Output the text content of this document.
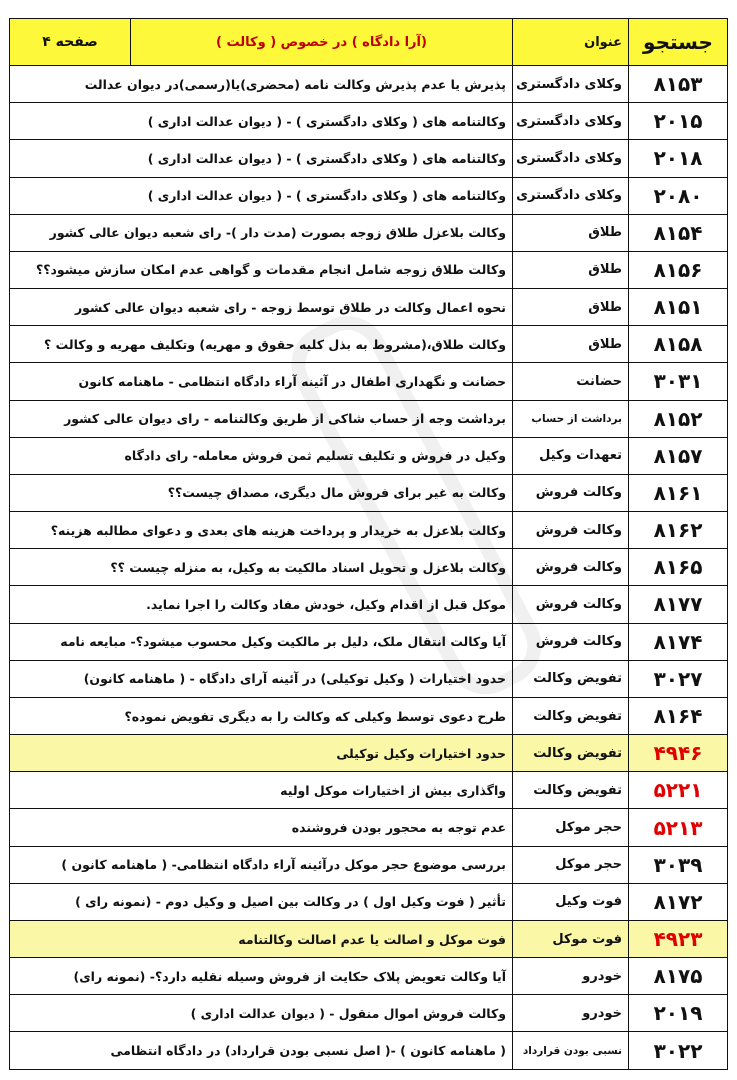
جستجو	عنوان	(آرا دادگاه ) در خصوص ( وکالت )	صفحه ۴
۸۱۵۳	وکلای دادگستری	پذیرش یا عدم پذیرش وکالت نامه (محضری)یا(رسمی)در دیوان عدالت	
۲۰۱۵	وکلای دادگستری	وکالتنامه های ( وکلای دادگستری ) - ( دیوان عدالت اداری )	
۲۰۱۸	وکلای دادگستری	وکالتنامه های ( وکلای دادگستری ) - ( دیوان عدالت اداری )	
۲۰۸۰	وکلای دادگستری	وکالتنامه های ( وکلای دادگستری ) - ( دیوان عدالت اداری )	
۸۱۵۴	طلاق	وکالت بلاعزل طلاق زوجه بصورت (مدت دار )- رای شعبه دیوان عالی کشور	
۸۱۵۶	طلاق	وکالت طلاق زوجه شامل انجام مقدمات و گواهی عدم امکان سازش میشود؟؟	
۸۱۵۱	طلاق	نحوه اعمال وکالت در طلاق توسط زوجه - رای شعبه دیوان عالی کشور	
۸۱۵۸	طلاق	وکالت طلاق،(مشروط به بذل کلیه حقوق و مهریه) وتکلیف مهریه و وکالت ؟	
۳۰۳۱	حضانت	حضانت و نگهداری اطفال در آئینه آراء دادگاه انتظامی - ماهنامه کانون	
۸۱۵۲	برداشت از حساب	برداشت وجه از حساب شاکی از طریق وکالتنامه - رای دیوان عالی کشور	
۸۱۵۷	تعهدات وکیل	وکیل در فروش و تکلیف تسلیم ثمن فروش معامله- رای دادگاه	
۸۱۶۱	وکالت فروش	وکالت به غیر برای فروش مال دیگری، مصداق چیست؟؟	
۸۱۶۲	وکالت فروش	وکالت بلاعزل به خریدار و پرداخت هزینه های بعدی و دعوای مطالبه هزینه؟	
۸۱۶۵	وکالت فروش	وکالت بلاعزل و تحویل اسناد مالکیت به وکیل، به منزله چیست ؟؟	
۸۱۷۷	وکالت فروش	موکل قبل از اقدام وکیل، خودش مفاد وکالت را اجرا نماید.	
۸۱۷۴	وکالت فروش	آیا وکالت انتقال ملک، دلیل بر مالکیت وکیل محسوب میشود؟- مبایعه نامه	
۳۰۲۷	تفویض وکالت	حدود اختیارات ( وکیل توکیلی) در آئینه آرای دادگاه - ( ماهنامه کانون)	
۸۱۶۴	تفویض وکالت	طرح دعوی توسط وکیلی که وکالت را به دیگری تفویض نموده؟	
۴۹۴۶	تفویض وکالت	حدود اختیارات وکیل توکیلی	
۵۲۲۱	تفویض وکالت	واگذاری بیش از اختیارات موکل اولیه	
۵۲۱۳	حجر موکل	عدم توجه به محجور بودن فروشنده	
۳۰۳۹	حجر موکل	بررسی موضوع حجر موکل درآئینه آراء دادگاه انتظامی- ( ماهنامه کانون )	
۸۱۷۲	فوت وکیل	تأثیر ( فوت وکیل اول ) در وکالت بین اصیل و وکیل دوم - (نمونه رای )	
۴۹۲۳	فوت موکل	فوت موکل و اصالت یا عدم اصالت وکالتنامه	
۸۱۷۵	خودرو	آیا وکالت تعویض پلاک حکایت از فروش وسیله نقلیه دارد؟- (نمونه رای)	
۲۰۱۹	خودرو	وکالت فروش اموال منقول - ( دیوان عدالت اداری )	
۳۰۲۲	نسبی بودن قرارداد	( ماهنامه کانون ) -( اصل نسبی بودن قرارداد) در دادگاه انتظامی	
